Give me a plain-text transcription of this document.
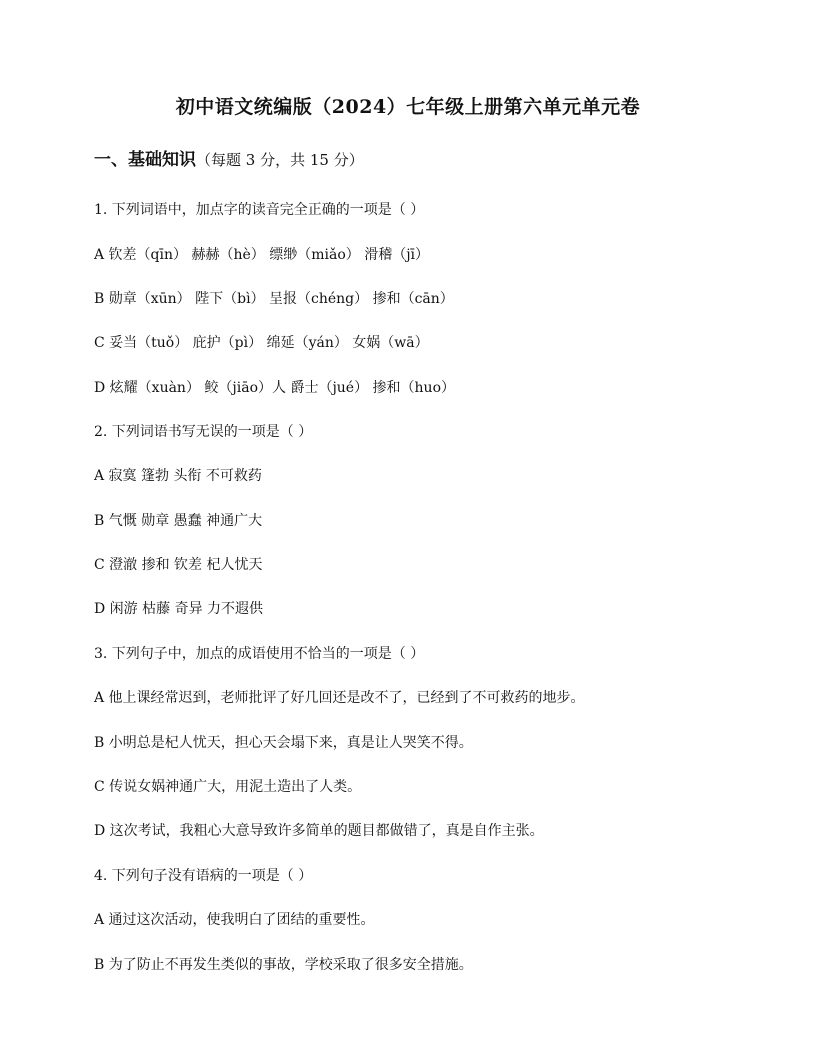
初中语文统编版（2024）七年级上册第六单元单元卷
一、基础知识（每题 3 分，共 15 分）
1. 下列词语中，加点字的读音完全正确的一项是（ ）
A 钦差（qīn） 赫赫（hè） 缥缈（miǎo） 滑稽（jī）
B 勋章（xūn） 陛下（bì） 呈报（chéng） 掺和（cān）
C 妥当（tuǒ） 庇护（pì） 绵延（yán） 女娲（wā）
D 炫耀（xuàn） 鲛（jiāo）人 爵士（jué） 掺和（huo）
2. 下列词语书写无误的一项是（ ）
A 寂寞 篷勃 头衔 不可救药
B 气慨 勋章 愚蠢 神通广大
C 澄澈 掺和 钦差 杞人忧天
D 闲游 枯藤 奇异 力不遐供
3. 下列句子中，加点的成语使用不恰当的一项是（ ）
A 他上课经常迟到，老师批评了好几回还是改不了，已经到了不可救药的地步。
B 小明总是杞人忧天，担心天会塌下来，真是让人哭笑不得。
C 传说女娲神通广大，用泥土造出了人类。
D 这次考试，我粗心大意导致许多简单的题目都做错了，真是自作主张。
4. 下列句子没有语病的一项是（ ）
A 通过这次活动，使我明白了团结的重要性。
B 为了防止不再发生类似的事故，学校采取了很多安全措施。
